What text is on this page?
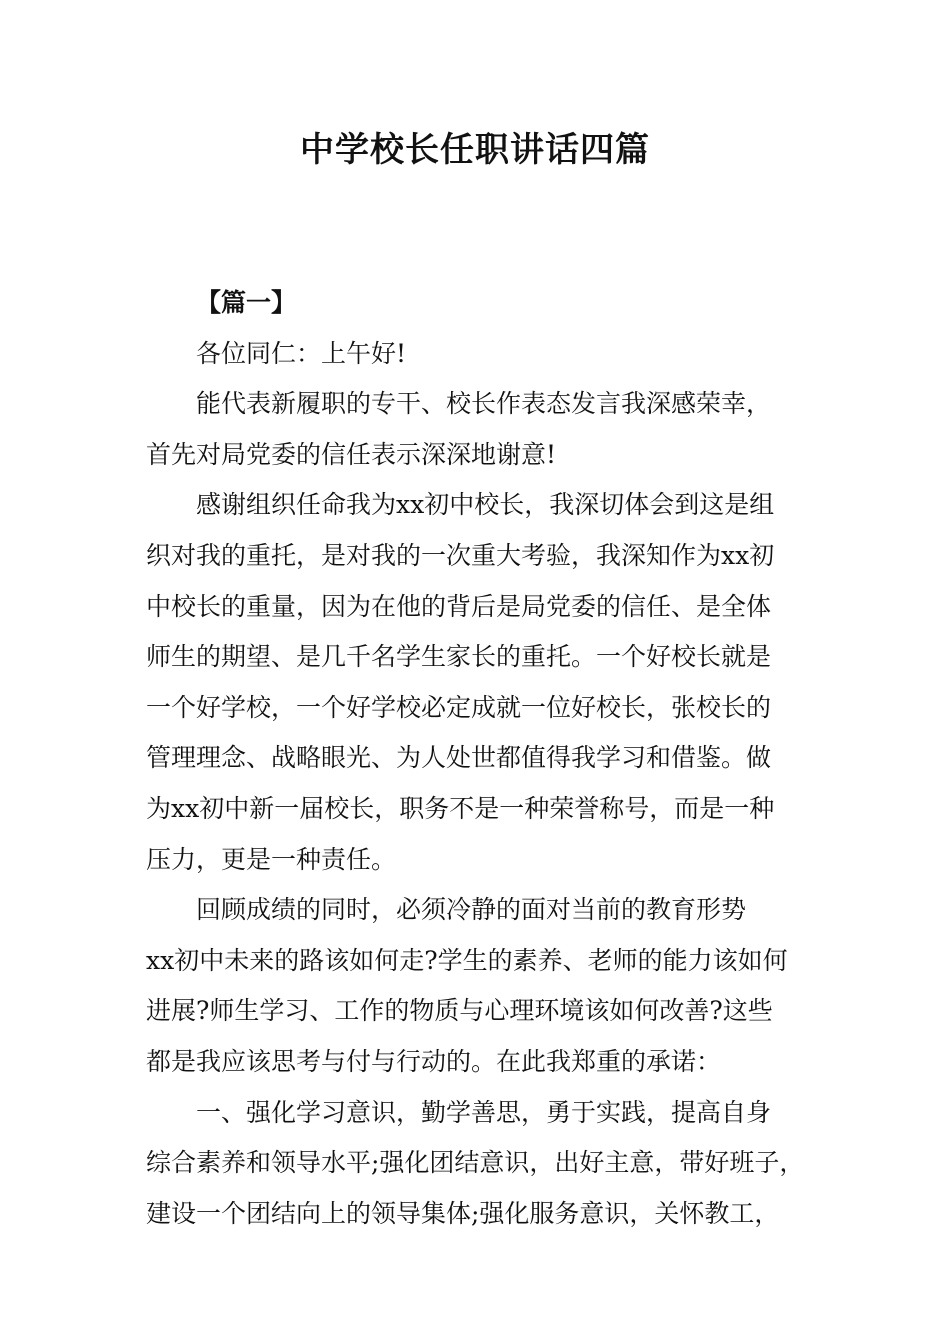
中学校长任职讲话四篇

【篇一】

各位同仁：上午好!

能代表新履职的专干、校长作表态发言我深感荣幸，

首先对局党委的信任表示深深地谢意!

感谢组织任命我为xx初中校长，我深切体会到这是组

织对我的重托，是对我的一次重大考验，我深知作为xx初

中校长的重量，因为在他的背后是局党委的信任、是全体

师生的期望、是几千名学生家长的重托。一个好校长就是

一个好学校，一个好学校必定成就一位好校长，张校长的

管理理念、战略眼光、为人处世都值得我学习和借鉴。做

为xx初中新一届校长，职务不是一种荣誉称号，而是一种

压力，更是一种责任。

回顾成绩的同时，必须冷静的面对当前的教育形势

xx初中未来的路该如何走?学生的素养、老师的能力该如何

进展?师生学习、工作的物质与心理环境该如何改善?这些

都是我应该思考与付与行动的。在此我郑重的承诺：

一、强化学习意识，勤学善思，勇于实践，提高自身

综合素养和领导水平;强化团结意识，出好主意，带好班子，

建设一个团结向上的领导集体;强化服务意识，关怀教工，
